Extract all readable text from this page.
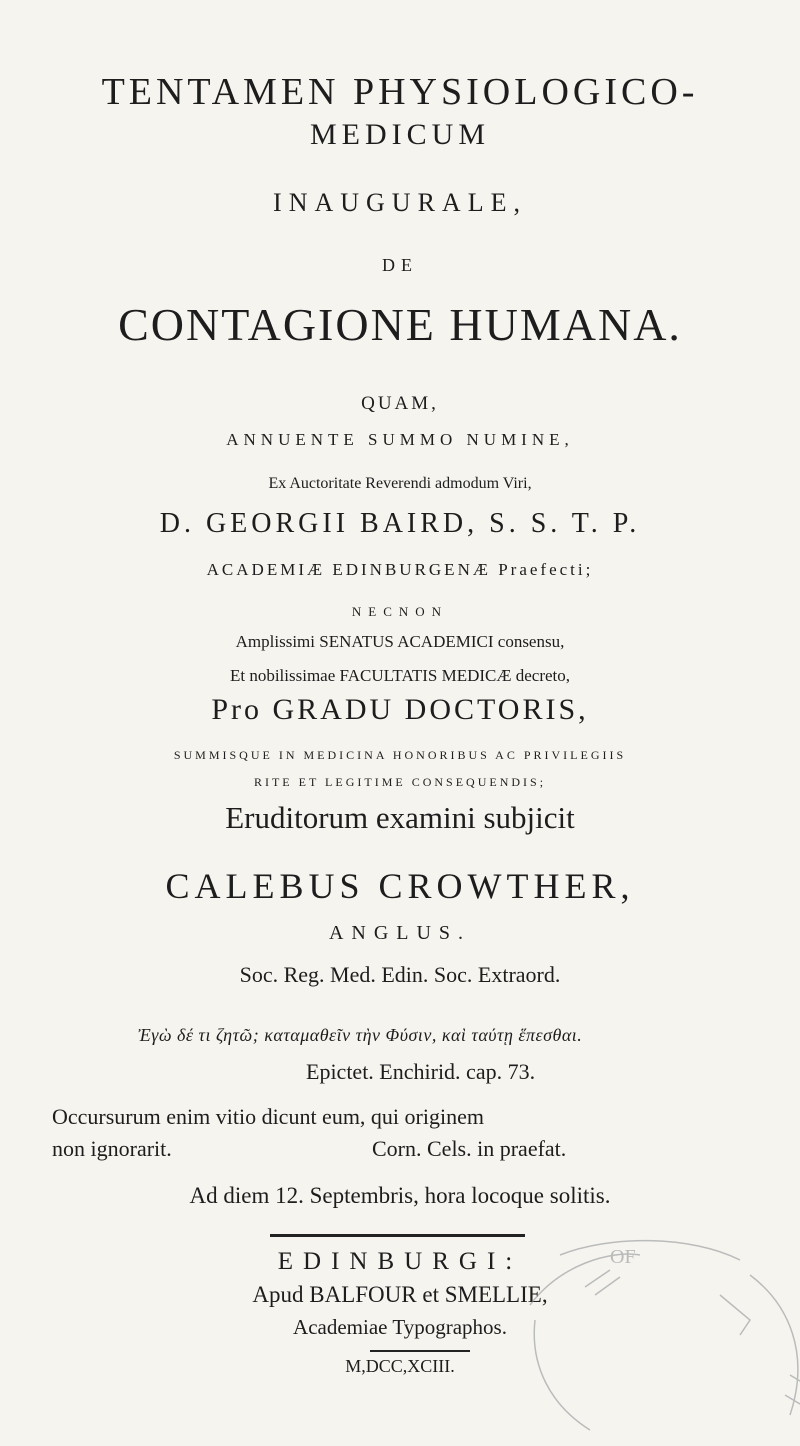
TENTAMEN PHYSIOLOGICO-
MEDICUM
INAUGURALE,
DE
CONTAGIONE HUMANA.
QUAM,
ANNUENTE SUMMO NUMINE,
Ex Auctoritate Reverendi admodum Viri,
D. GEORGII BAIRD, S. S. T. P.
ACADEMIÆ EDINBURGENÆ Praefecti;
NECNON
Amplissimi SENATUS ACADEMICI consensu,
Et nobilissimae FACULTATIS MEDICÆ decreto,
Pro GRADU DOCTORIS,
SUMMISQUE IN MEDICINA HONORIBUS AC PRIVILEGIIS
RITE ET LEGITIME CONSEQUENDIS;
Eruditorum examini subjicit
CALEBUS CROWTHER,
ANGLUS.
Soc. Reg. Med. Edin. Soc. Extraord.
Ἐγὼ δέ τι ζητῶ; καταμαθεῖν τὴν Φύσιν, καὶ ταύτῃ ἕπεσθαι.
Epictet. Enchirid. cap. 73.
Occursurum enim vitio dicunt eum, qui originem
non ignorarit.	Corn. Cels. in praefat.
Ad diem 12. Septembris, hora locoque solitis.
EDINBURGI:
Apud BALFOUR et SMELLIE,
Academiae Typographos.
M,DCC,XCIII.
OF
